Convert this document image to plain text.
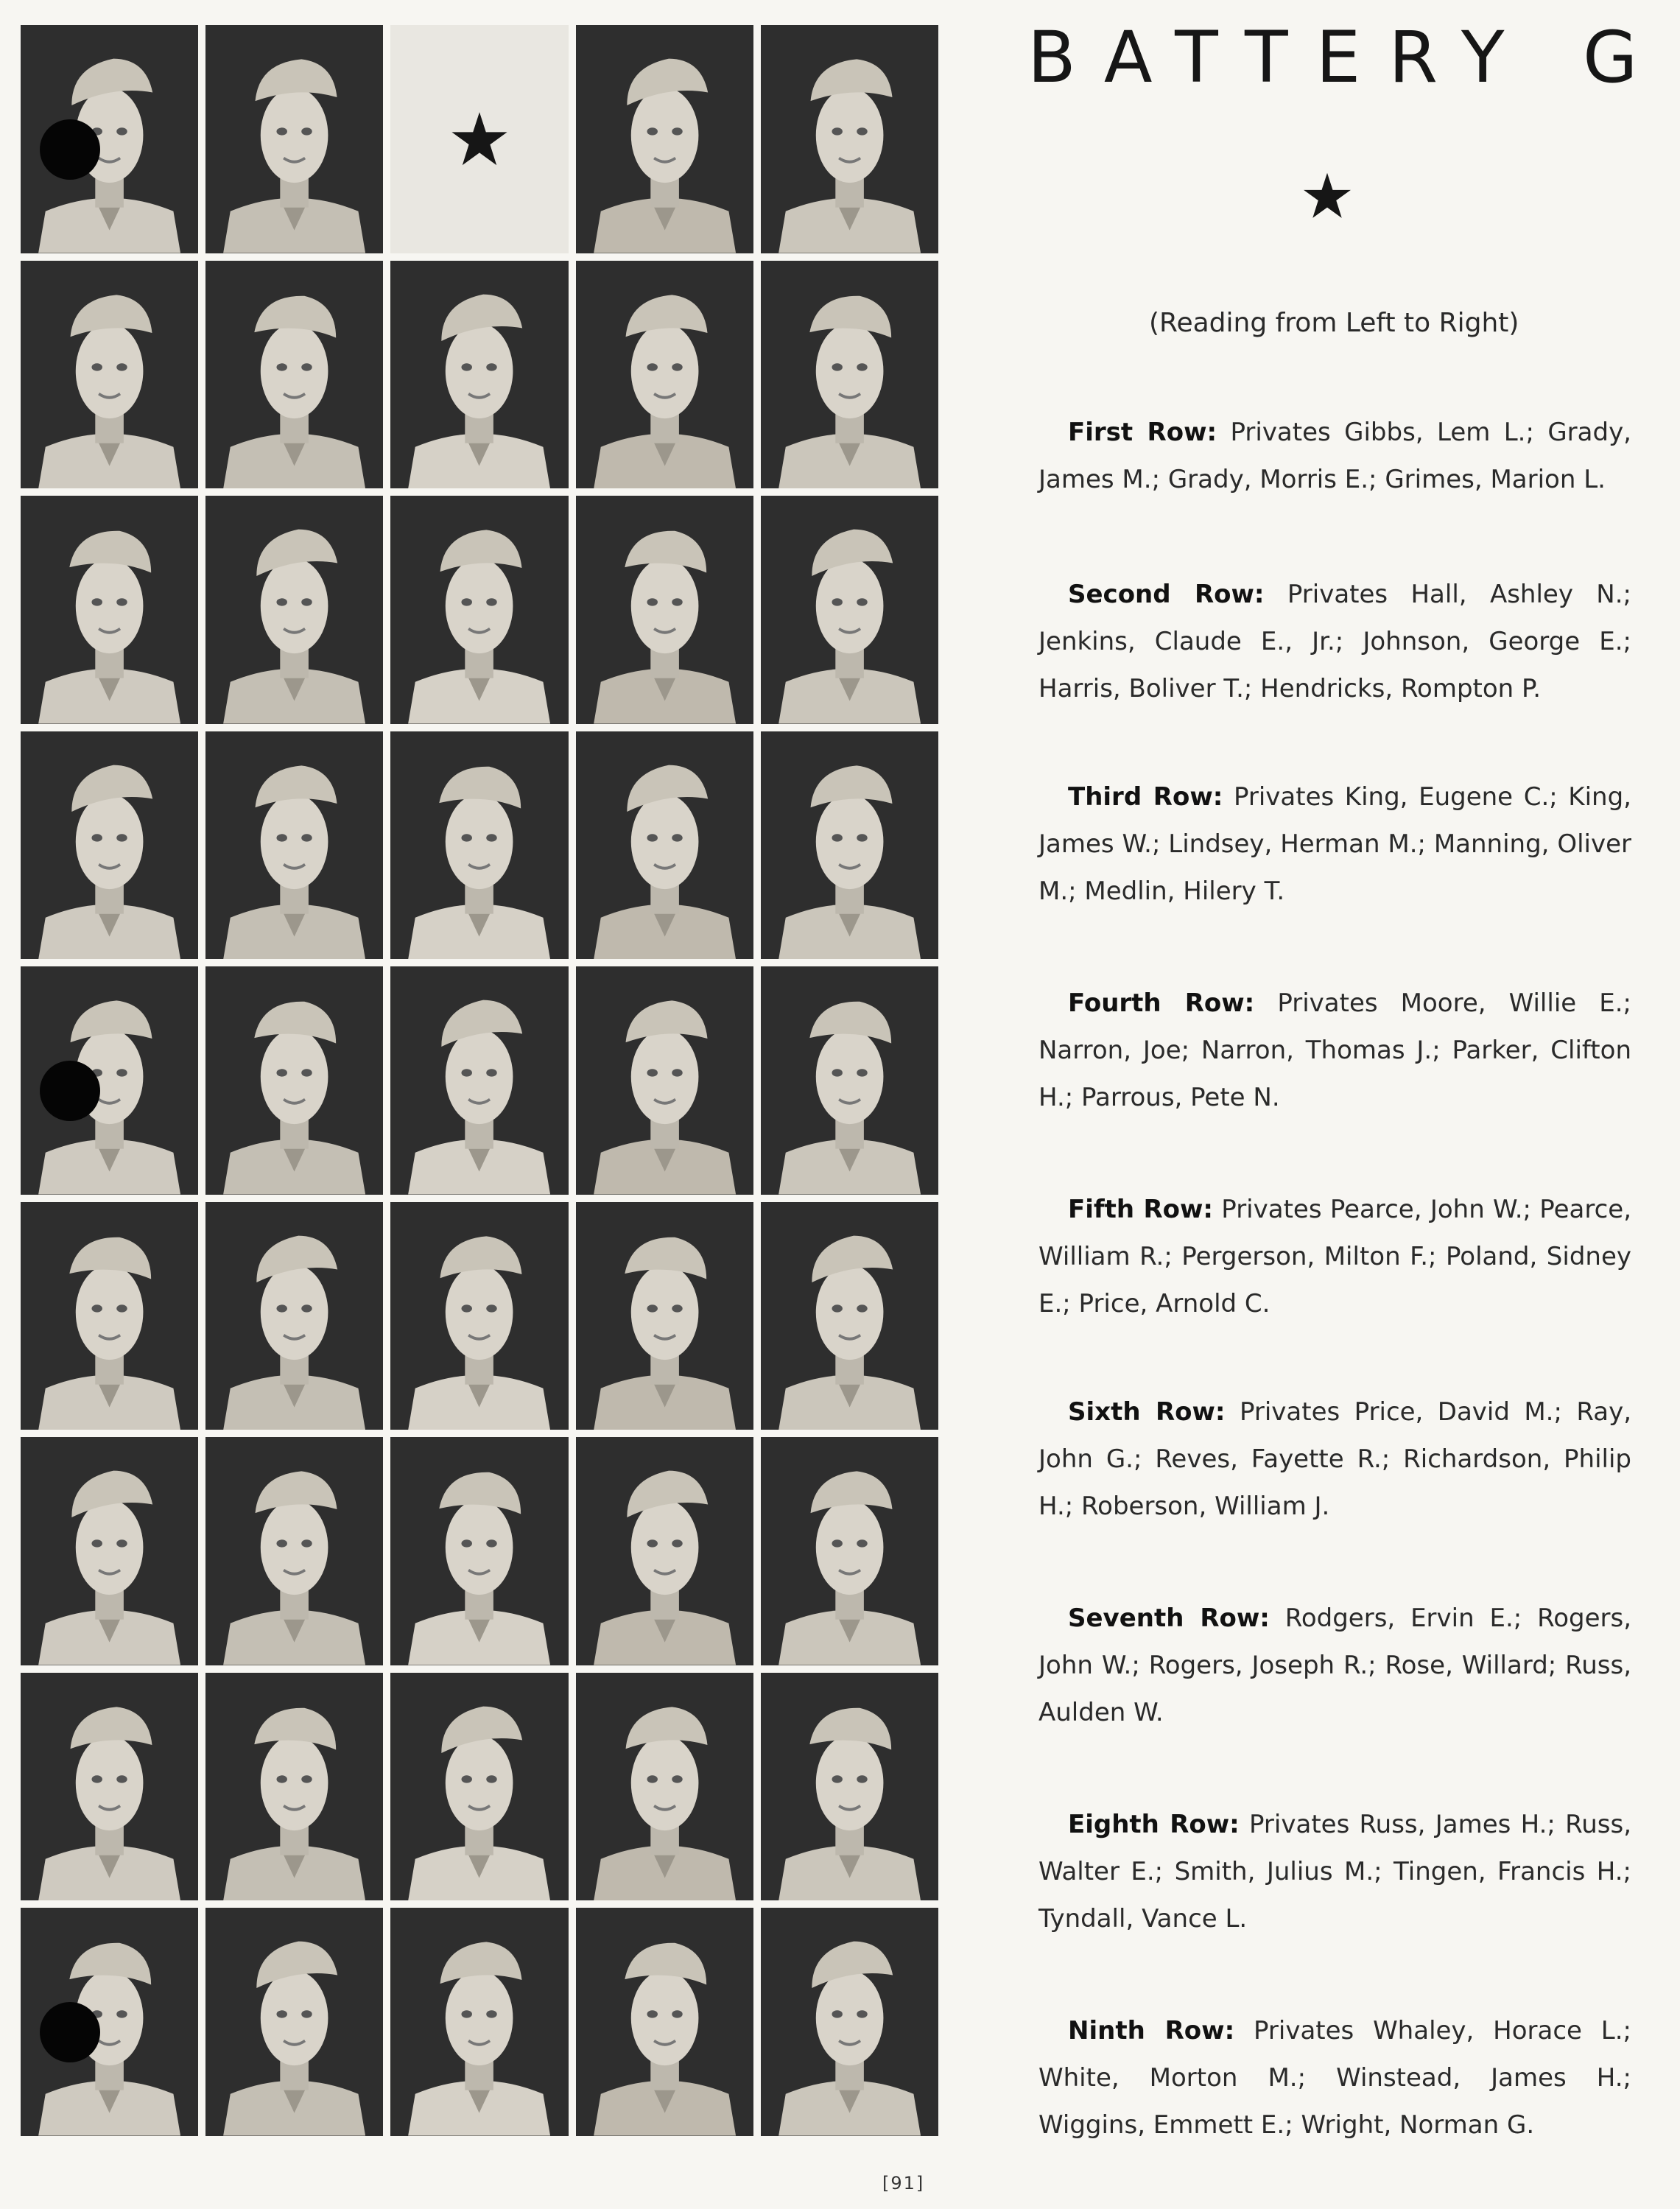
BATTERY G
(Reading from Left to Right)
First Row: Privates Gibbs, Lem L.; Grady, James M.; Grady, Morris E.; Grimes, Marion L.
Second Row: Privates Hall, Ashley N.; Jenkins, Claude E., Jr.; Johnson, George E.; Harris, Boliver T.; Hendricks, Rompton P.
Third Row: Privates King, Eugene C.; King, James W.; Lindsey, Herman M.; Manning, Oliver M.; Medlin, Hilery T.
Fourth Row: Privates Moore, Willie E.; Narron, Joe; Narron, Thomas J.; Parker, Clifton H.; Parrous, Pete N.
Fifth Row: Privates Pearce, John W.; Pearce, William R.; Pergerson, Milton F.; Poland, Sidney E.; Price, Arnold C.
Sixth Row: Privates Price, David M.; Ray, John G.; Reves, Fayette R.; Richardson, Philip H.; Roberson, William J.
Seventh Row: Rodgers, Ervin E.; Rogers, John W.; Rogers, Joseph R.; Rose, Willard; Russ, Aulden W.
Eighth Row: Privates Russ, James H.; Russ, Walter E.; Smith, Julius M.; Tingen, Francis H.; Tyndall, Vance L.
Ninth Row: Privates Whaley, Horace L.; White, Morton M.; Winstead, James H.; Wiggins, Emmett E.; Wright, Norman G.
[91]
